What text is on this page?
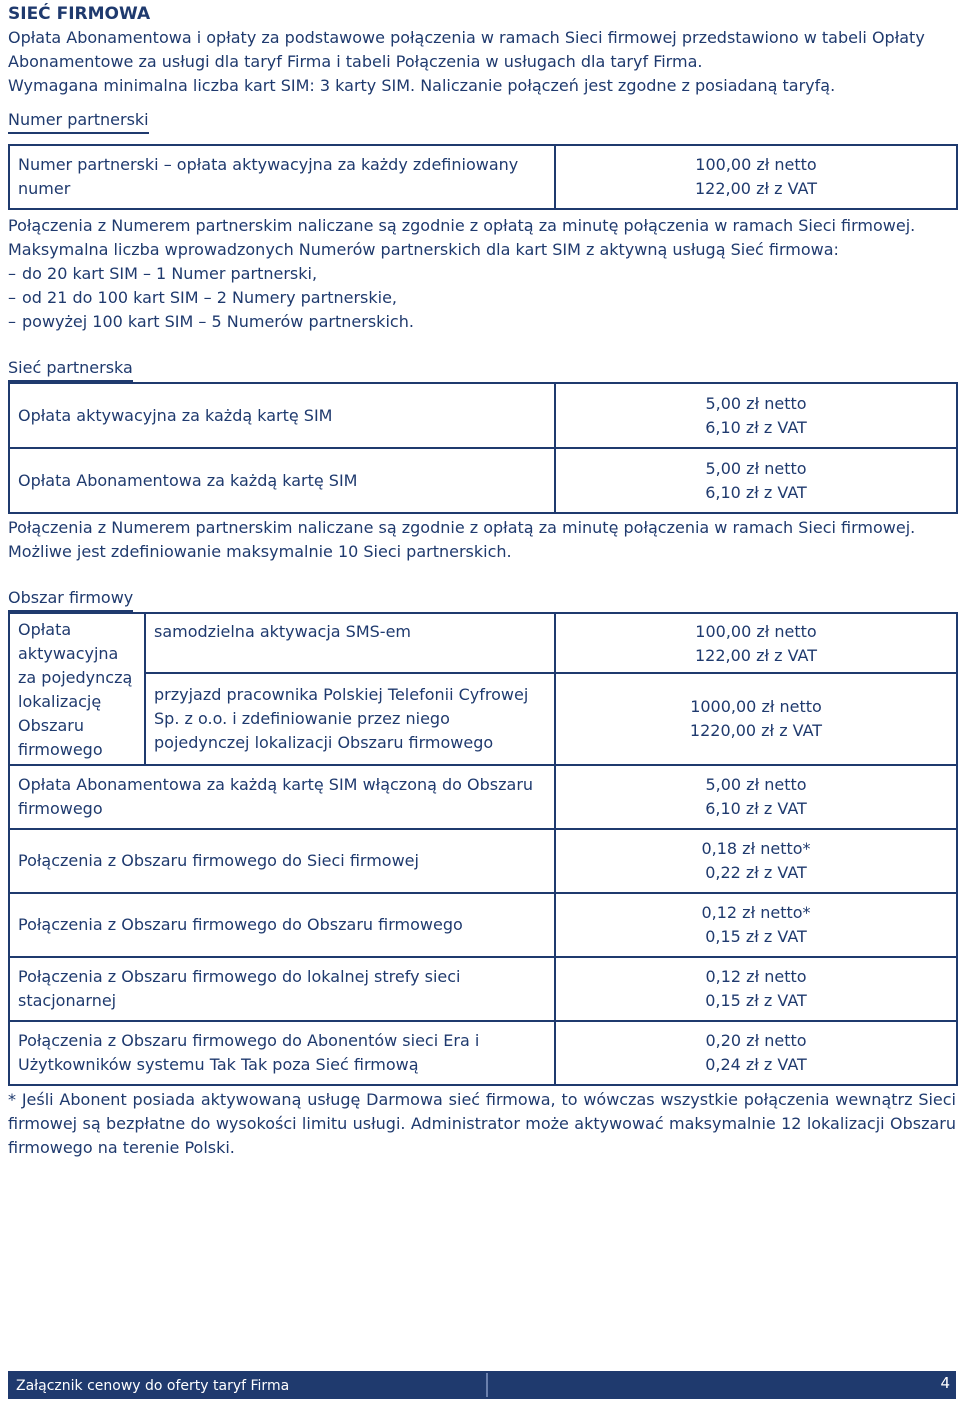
SIEĆ FIRMOWA

Opłata Abonamentowa i opłaty za podstawowe połączenia w ramach Sieci firmowej przedstawiono w tabeli Opłaty Abonamentowe za usługi dla taryf Firma i tabeli Połączenia w usługach dla taryf Firma.

Wymagana minimalna liczba kart SIM: 3 karty SIM. Naliczanie połączeń jest zgodne z posiadaną taryfą.

Numer partnerski
Numer partnerski – opłata aktywacyjna za każdy zdefiniowany numer	
100,00 zł netto
122,00 zł z VAT

Połączenia z Numerem partnerskim naliczane są zgodnie z opłatą za minutę połączenia w ramach Sieci firmowej.

Maksymalna liczba wprowadzonych Numerów partnerskich dla kart SIM z aktywną usługą Sieć firmowa:

– do 20 kart SIM – 1 Numer partnerski,
– od 21 do 100 kart SIM – 2 Numery partnerskie,
– powyżej 100 kart SIM – 5 Numerów partnerskich.
Sieć partnerska
Opłata aktywacyjna za każdą kartę SIM	5,00 zł netto
6,10 zł z VAT

Opłata Abonamentowa za każdą kartę SIM	5,00 zł netto
6,10 zł z VAT

Połączenia z Numerem partnerskim naliczane są zgodnie z opłatą za minutę połączenia w ramach Sieci firmowej.

Możliwe jest zdefiniowanie maksymalnie 10 Sieci partnerskich.

Obszar firmowy
Opłata aktywacyjna za pojedynczą lokalizację Obszaru firmowego	samodzielna aktywacja SMS-em	100,00 zł netto
122,00 zł z VAT

	przyjazd pracownika Polskiej Telefonii Cyfrowej Sp. z o.o. i zdefiniowanie przez niego pojedynczej lokalizacji Obszaru firmowego	1000,00 zł netto
1220,00 zł z VAT

Opłata Abonamentowa za każdą kartę SIM włączoną do Obszaru firmowego		5,00 zł netto
6,10 zł z VAT

Połączenia z Obszaru firmowego do Sieci firmowej		0,18 zł netto*
0,22 zł z VAT

Połączenia z Obszaru firmowego do Obszaru firmowego		0,12 zł netto*
0,15 zł z VAT

Połączenia z Obszaru firmowego do lokalnej strefy sieci stacjonarnej		0,12 zł netto
0,15 zł z VAT

Połączenia z Obszaru firmowego do Abonentów sieci Era i Użytkowników systemu Tak Tak poza Sieć firmową		0,20 zł netto
0,24 zł z VAT

* Jeśli Abonent posiada aktywowaną usługę Darmowa sieć firmowa, to wówczas wszystkie połączenia wewnątrz Sieci firmowej są bezpłatne do wysokości limitu usługi. Administrator może aktywować maksymalnie 12 lokalizacji Obszaru firmowego na terenie Polski.

Załącznik cenowy do oferty taryf Firma	4
